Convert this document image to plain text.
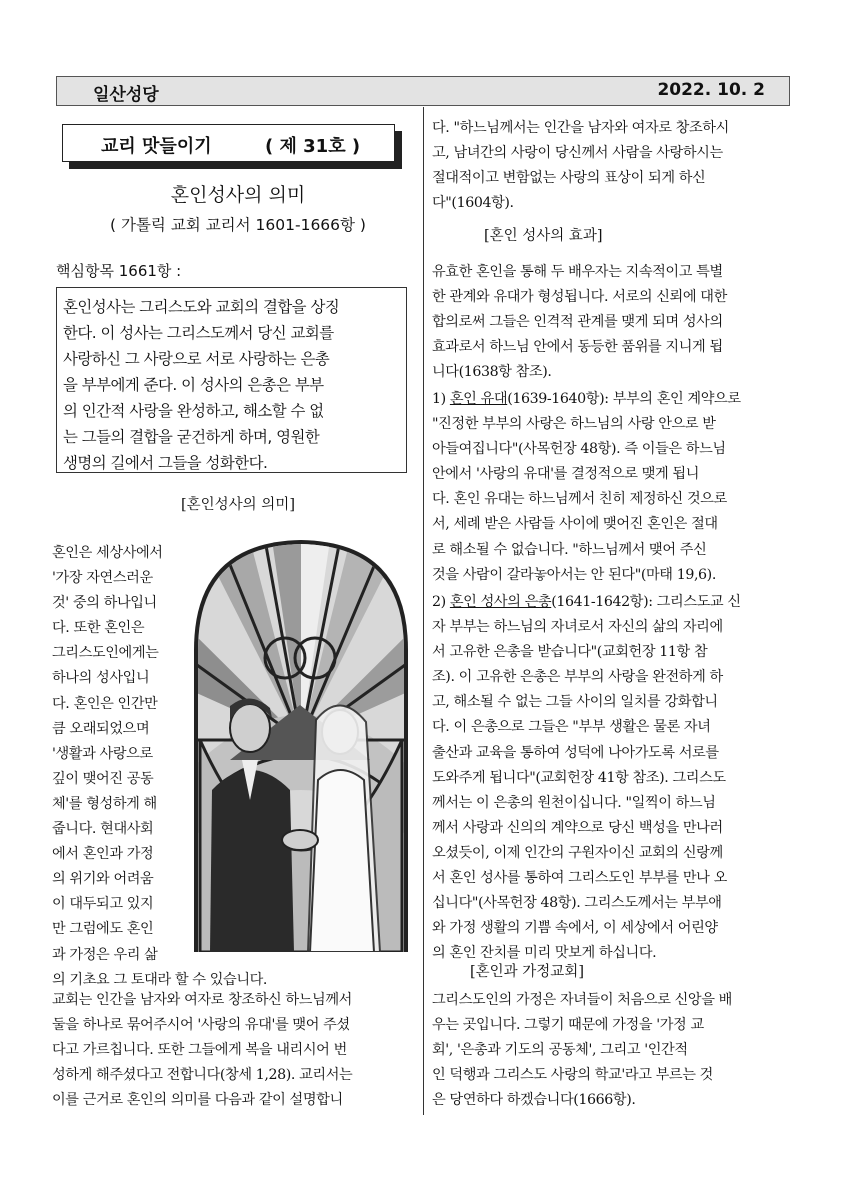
일산성당	2022. 10. 2
교리 맛들이기	( 제 31호 )
혼인성사의 의미
( 가톨릭 교회 교리서 1601-1666항 )
핵심항목 1661항 :
혼인성사는 그리스도와 교회의 결합을 상징
한다. 이 성사는 그리스도께서 당신 교회를
사랑하신 그 사랑으로 서로 사랑하는 은총
을 부부에게 준다. 이 성사의 은총은 부부
의 인간적 사랑을 완성하고, 해소할 수 없
는 그들의 결합을 굳건하게 하며, 영원한
생명의 길에서 그들을 성화한다.
[혼인성사의 의미]
혼인은 세상사에서
'가장 자연스러운
것' 중의 하나입니
다. 또한 혼인은
그리스도인에게는
하나의 성사입니
다. 혼인은 인간만
큼 오래되었으며
'생활과 사랑으로
깊이 맺어진 공동
체'를 형성하게 해
줍니다. 현대사회
에서 혼인과 가정
의 위기와 어려움
이 대두되고 있지
만 그럼에도 혼인
과 가정은 우리 삶
의 기초요 그 토대라 할 수 있습니다.
교회는 인간을 남자와 여자로 창조하신 하느님께서
둘을 하나로 묶어주시어 '사랑의 유대'를 맺어 주셨
다고 가르칩니다. 또한 그들에게 복을 내리시어 번
성하게 해주셨다고 전합니다(창세 1,28). 교리서는
이를 근거로 혼인의 의미를 다음과 같이 설명합니
다. "하느님께서는 인간을 남자와 여자로 창조하시
고, 남녀간의 사랑이 당신께서 사람을 사랑하시는
절대적이고 변함없는 사랑의 표상이 되게 하신
다"(1604항).
[혼인 성사의 효과]
유효한 혼인을 통해 두 배우자는 지속적이고 특별
한 관계와 유대가 형성됩니다. 서로의 신뢰에 대한
합의로써 그들은 인격적 관계를 맺게 되며 성사의
효과로서 하느님 안에서 동등한 품위를 지니게 됩
니다(1638항 참조).
1) 혼인 유대(1639-1640항): 부부의 혼인 계약으로
"진정한 부부의 사랑은 하느님의 사랑 안으로 받
아들여집니다"(사목헌장 48항). 즉 이들은 하느님
안에서 '사랑의 유대'를 결정적으로 맺게 됩니
다. 혼인 유대는 하느님께서 친히 제정하신 것으로
서, 세례 받은 사람들 사이에 맺어진 혼인은 절대
로 해소될 수 없습니다. "하느님께서 맺어 주신
것을 사람이 갈라놓아서는 안 된다"(마태 19,6).
2) 혼인 성사의 은총(1641-1642항): 그리스도교 신
자 부부는 하느님의 자녀로서 자신의 삶의 자리에
서 고유한 은총을 받습니다"(교회헌장 11항 참
조). 이 고유한 은총은 부부의 사랑을 완전하게 하
고, 해소될 수 없는 그들 사이의 일치를 강화합니
다. 이 은총으로 그들은 "부부 생활은 물론 자녀
출산과 교육을 통하여 성덕에 나아가도록 서로를
도와주게 됩니다"(교회헌장 41항 참조). 그리스도
께서는 이 은총의 원천이십니다. "일찍이 하느님
께서 사랑과 신의의 계약으로 당신 백성을 만나러
오셨듯이, 이제 인간의 구원자이신 교회의 신랑께
서 혼인 성사를 통하여 그리스도인 부부를 만나 오
십니다"(사목헌장 48항). 그리스도께서는 부부애
와 가정 생활의 기쁨 속에서, 이 세상에서 어린양
의 혼인 잔치를 미리 맛보게 하십니다.
[혼인과 가정교회]
그리스도인의 가정은 자녀들이 처음으로 신앙을 배
우는 곳입니다. 그렇기 때문에 가정을 '가정 교
회', '은총과 기도의 공동체', 그리고 '인간적
인 덕행과 그리스도 사랑의 학교'라고 부르는 것
은 당연하다 하겠습니다(1666항).
